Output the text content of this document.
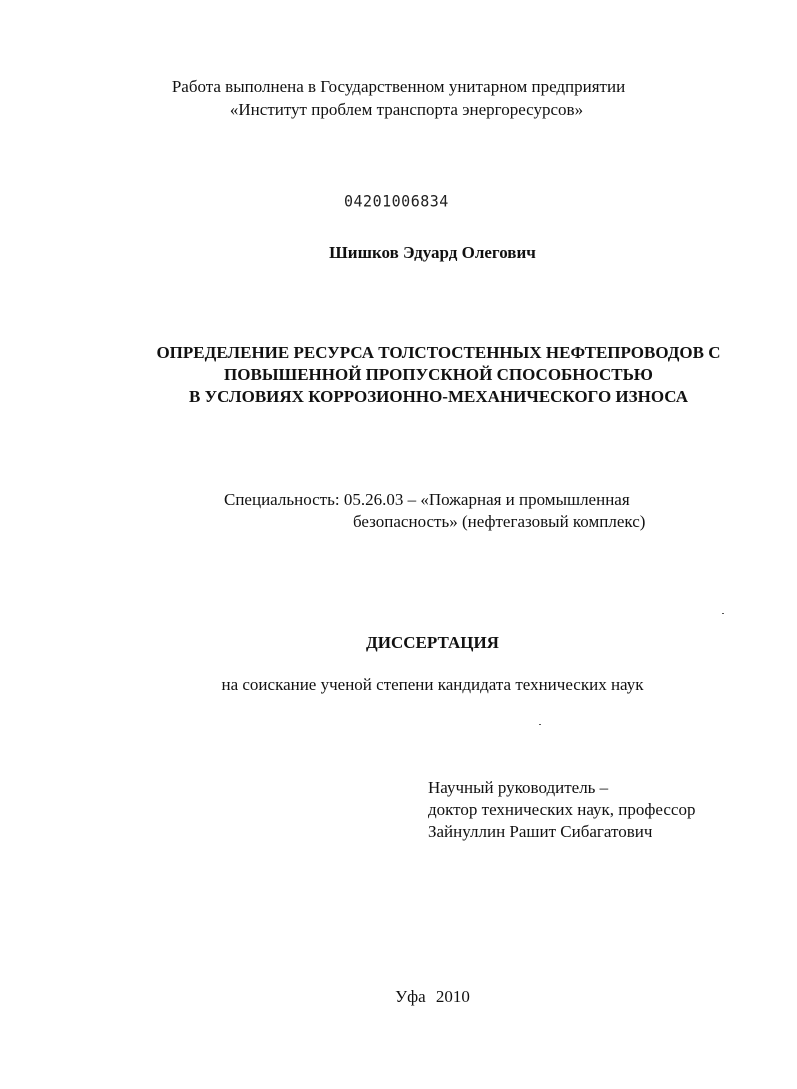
Работа выполнена в Государственном унитарном предприятии
«Институт проблем транспорта энергоресурсов»
04201006834
Шишков Эдуард Олегович
ОПРЕДЕЛЕНИЕ РЕСУРСА ТОЛСТОСТЕННЫХ НЕФТЕПРОВОДОВ С
ПОВЫШЕННОЙ ПРОПУСКНОЙ СПОСОБНОСТЬЮ
В УСЛОВИЯХ КОРРОЗИОННО-МЕХАНИЧЕСКОГО ИЗНОСА
Специальность: 05.26.03 – «Пожарная и промышленная
безопасность» (нефтегазовый комплекс)
ДИССЕРТАЦИЯ
на соискание ученой степени кандидата технических наук
Научный руководитель –
доктор технических наук, профессор
Зайнуллин Рашит Сибагатович
Уфа 2010
